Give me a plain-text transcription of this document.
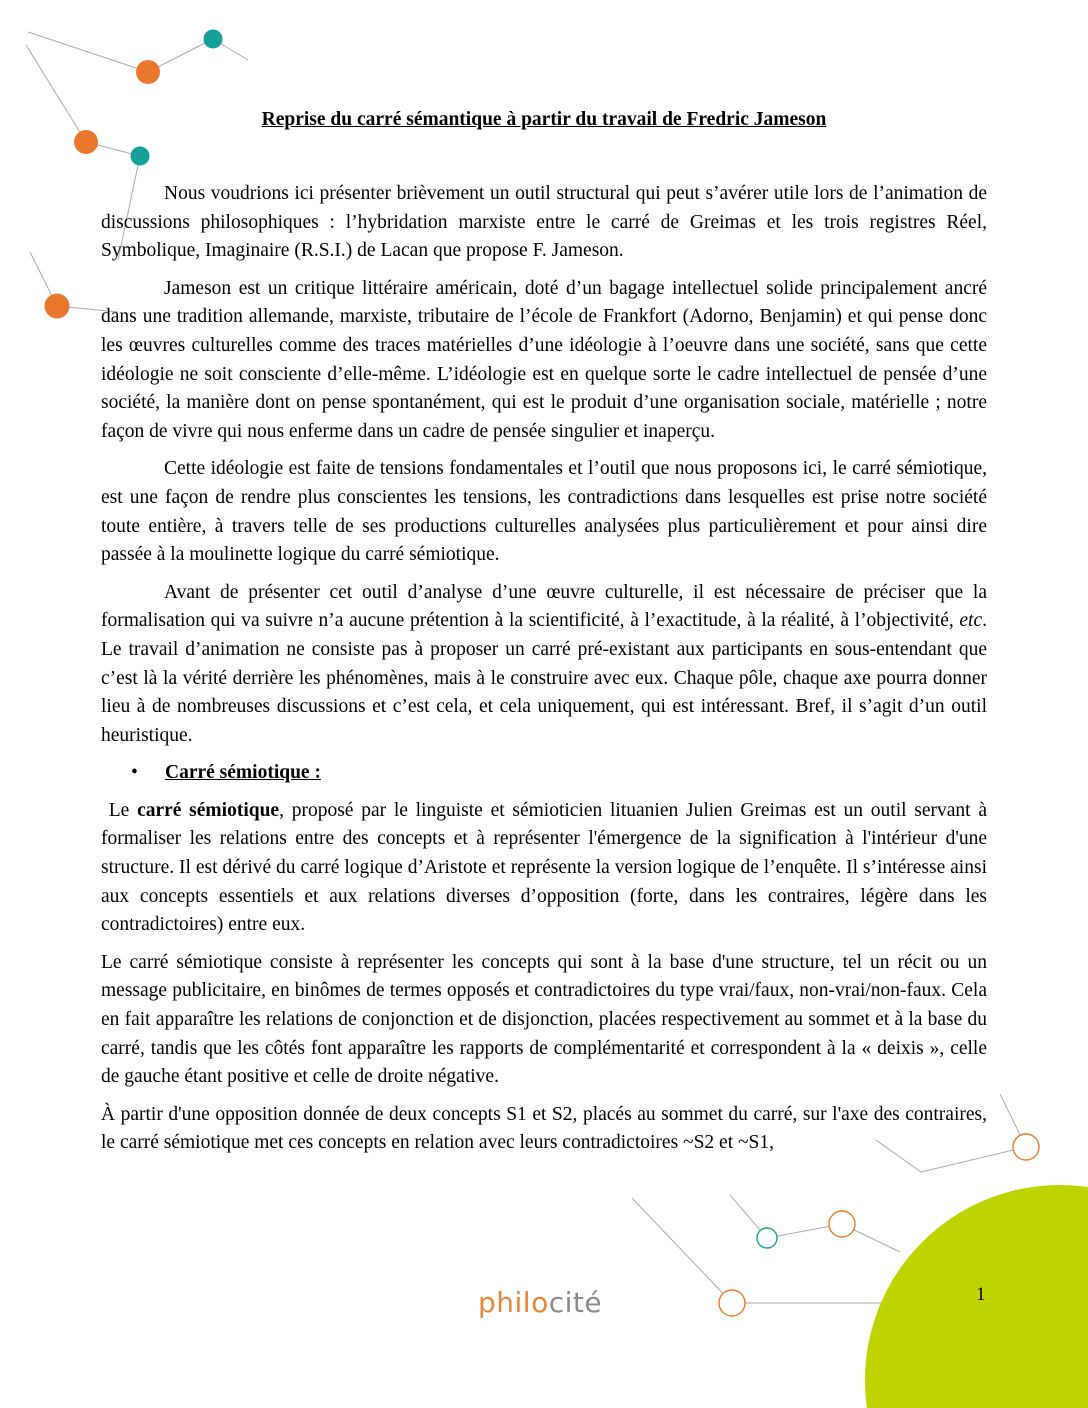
Reprise du carré sémantique à partir du travail de Fredric Jameson

Nous voudrions ici présenter brièvement un outil structural qui peut s’avérer utile lors de l’animation de discussions philosophiques : l’hybridation marxiste entre le carré de Greimas et les trois registres Réel, Symbolique, Imaginaire (R.S.I.) de Lacan que propose F. Jameson.

Jameson est un critique littéraire américain, doté d’un bagage intellectuel solide principalement ancré dans une tradition allemande, marxiste, tributaire de l’école de Frankfort (Adorno, Benjamin) et qui pense donc les œuvres culturelles comme des traces matérielles d’une idéologie à l’oeuvre dans une société, sans que cette idéologie ne soit consciente d’elle-même. L’idéologie est en quelque sorte le cadre intellectuel de pensée d’une société, la manière dont on pense spontanément, qui est le produit d’une organisation sociale, matérielle ; notre façon de vivre qui nous enferme dans un cadre de pensée singulier et inaperçu.

Cette idéologie est faite de tensions fondamentales et l’outil que nous proposons ici, le carré sémiotique, est une façon de rendre plus conscientes les tensions, les contradictions dans lesquelles est prise notre société toute entière, à travers telle de ses productions culturelles analysées plus particulièrement et pour ainsi dire passée à la moulinette logique du carré sémiotique.

Avant de présenter cet outil d’analyse d’une œuvre culturelle, il est nécessaire de préciser que la formalisation qui va suivre n’a aucune prétention à la scientificité, à l’exactitude, à la réalité, à l’objectivité, etc. Le travail d’animation ne consiste pas à proposer un carré pré-existant aux participants en sous-entendant que c’est là la vérité derrière les phénomènes, mais à le construire avec eux. Chaque pôle, chaque axe pourra donner lieu à de nombreuses discussions et c’est cela, et cela uniquement, qui est intéressant. Bref, il s’agit d’un outil heuristique.

•	Carré sémiotique :

Le carré sémiotique, proposé par le linguiste et sémioticien lituanien Julien Greimas est un outil servant à formaliser les relations entre des concepts et à représenter l'émergence de la signification à l'intérieur d'une structure. Il est dérivé du carré logique d’Aristote et représente la version logique de l’enquête. Il s’intéresse ainsi aux concepts essentiels et aux relations diverses d’opposition (forte, dans les contraires, légère dans les contradictoires) entre eux.

Le carré sémiotique consiste à représenter les concepts qui sont à la base d'une structure, tel un récit ou un message publicitaire, en binômes de termes opposés et contradictoires du type vrai/faux, non-vrai/non-faux. Cela en fait apparaître les relations de conjonction et de disjonction, placées respectivement au sommet et à la base du carré, tandis que les côtés font apparaître les rapports de complémentarité et correspondent à la « deixis », celle de gauche étant positive et celle de droite négative.

À partir d'une opposition donnée de deux concepts S1 et S2, placés au sommet du carré, sur l'axe des contraires, le carré sémiotique met ces concepts en relation avec leurs contradictoires ~S2 et ~S1,

philocité	1
